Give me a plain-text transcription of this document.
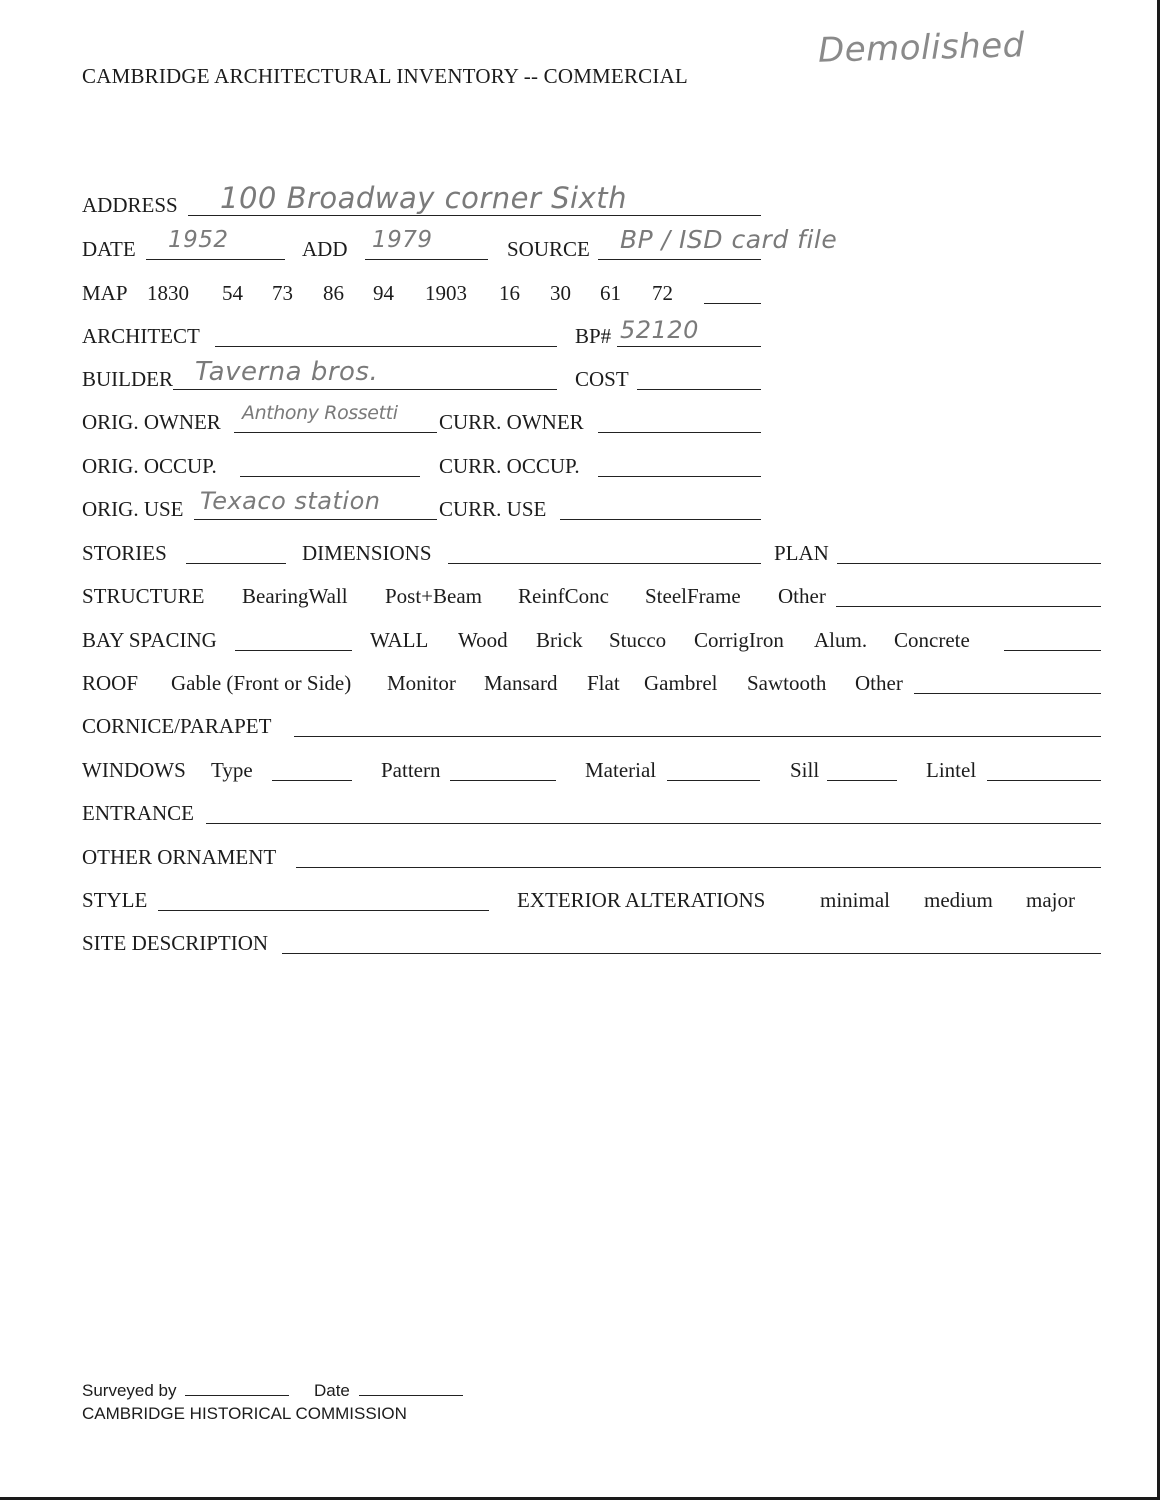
Demolished
CAMBRIDGE ARCHITECTURAL INVENTORY -- COMMERCIAL
ADDRESS 100 Broadway corner Sixth
DATE 1952	ADD 1979	SOURCE BP / ISD card file
MAP 1830 54 73 86 94 1903 16 30 61 72
ARCHITECT	BP# 52120
BUILDER Taverna bros.	COST
ORIG. OWNER Anthony Rossetti CURR. OWNER
ORIG. OCCUP.	CURR. OCCUP.
ORIG. USE Texaco station	CURR. USE
STORIES	DIMENSIONS	PLAN
STRUCTURE BearingWall Post+Beam ReinfConc SteelFrame Other
BAY SPACING	WALL Wood Brick Stucco CorrigIron Alum. Concrete
ROOF Gable (Front or Side) Monitor Mansard Flat Gambrel Sawtooth Other
CORNICE/PARAPET
WINDOWS Type	Pattern	Material	Sill	Lintel
ENTRANCE
OTHER ORNAMENT
STYLE	EXTERIOR ALTERATIONS	minimal medium major
SITE DESCRIPTION
Surveyed by	Date
CAMBRIDGE HISTORICAL COMMISSION
